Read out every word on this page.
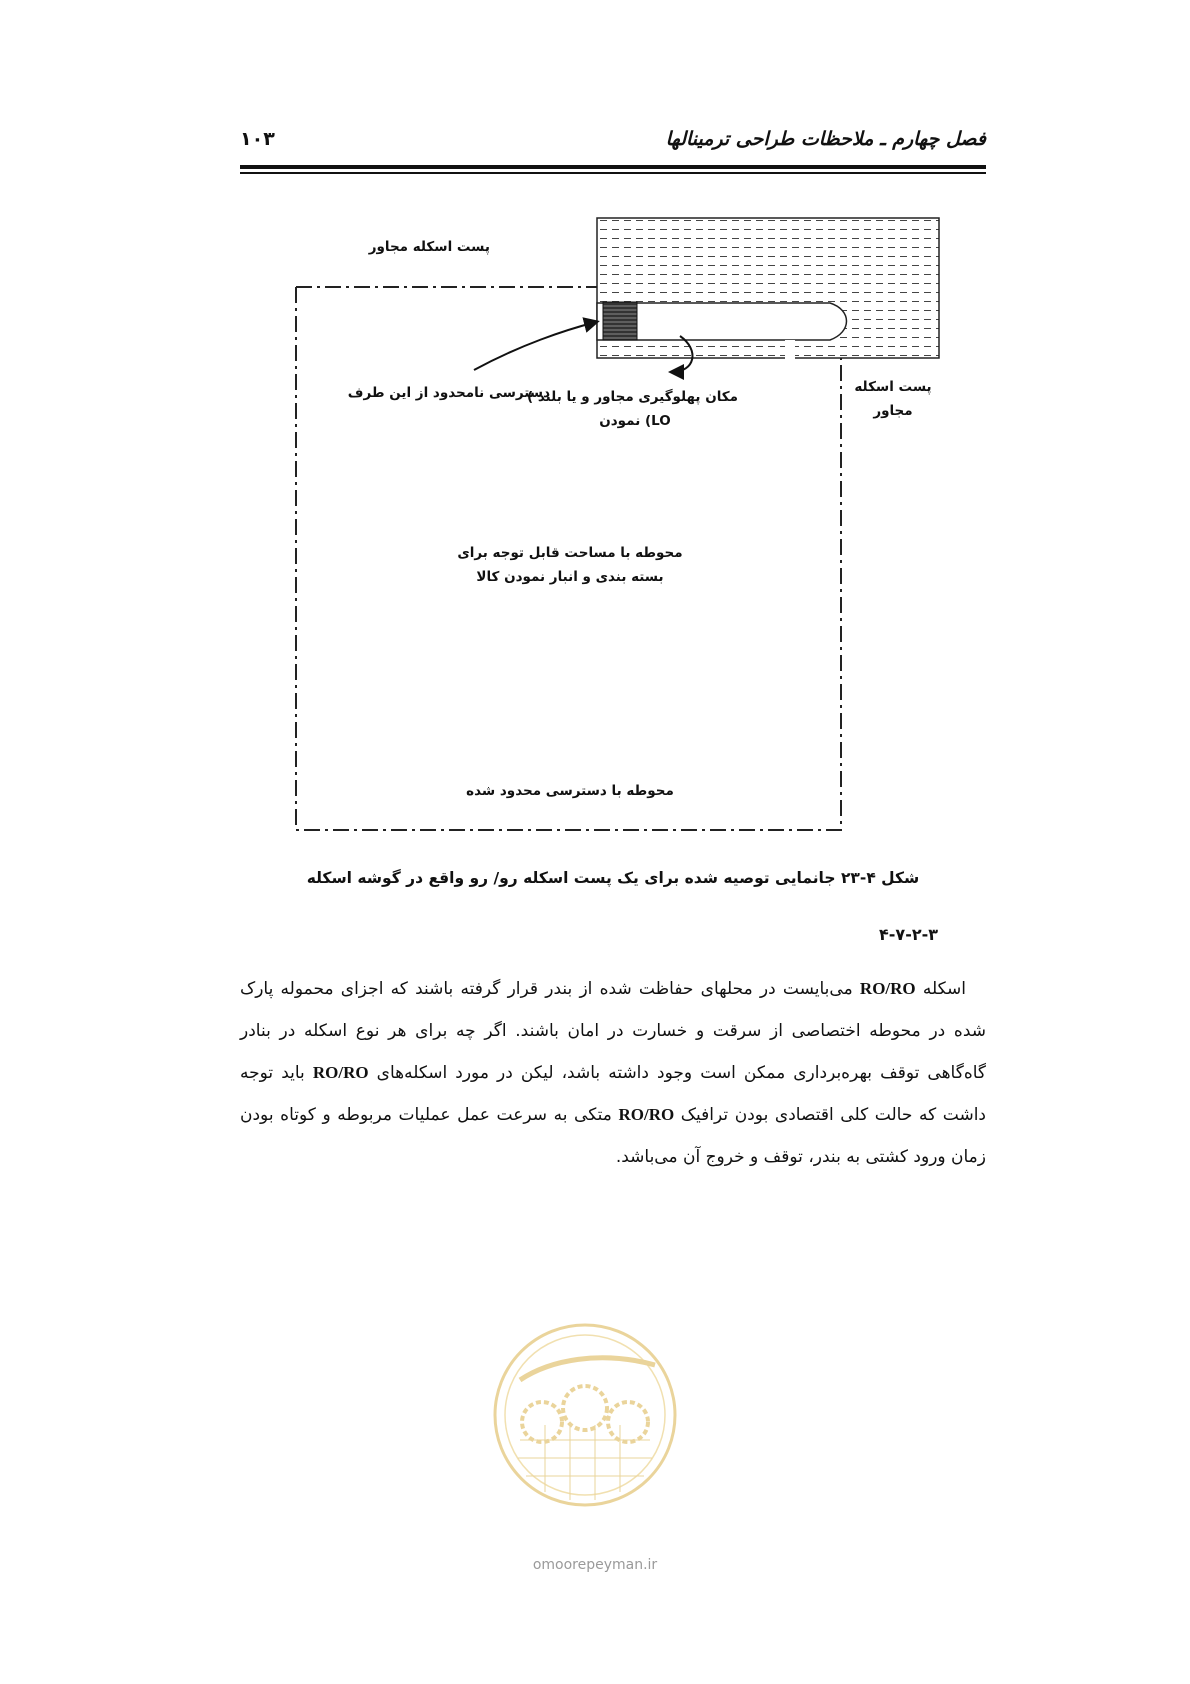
فصل چهارم ـ ملاحظات طراحی ترمینالها
۱۰۳
پست اسکله مجاور
دسترسی نامحدود از این طرف
مکان پهلوگیری مجاور و یا بلند )
LO) نمودن
پست اسکله
مجاور
محوطه با مساحت قابل توجه برای
بسته بندی و انبار نمودن کالا
محوطه با دسترسی محدود شده
شکل ۴-۲۳ جانمایی توصیه شده برای یک پست اسکله رو/ رو واقع در گوشه اسکله
۴-۷-۲-۳

اسکله RO/RO می‌بایست در محلهای حفاظت شده از بندر قرار گرفته باشند که اجزای محموله پارک شده در محوطه اختصاصی از سرقت و خسارت در امان باشند. اگر چه برای هر نوع اسکله در بنادر گاه‌گاهی توقف بهره‌برداری ممکن است وجود داشته باشد، لیکن در مورد اسکله‌های RO/RO باید توجه داشت که حالت کلی اقتصادی بودن ترافیک RO/RO متکی به سرعت عمل عملیات مربوطه و کوتاه بودن زمان ورود کشتی به بندر، توقف و خروج آن می‌باشد.

omoorepeyman.ir
